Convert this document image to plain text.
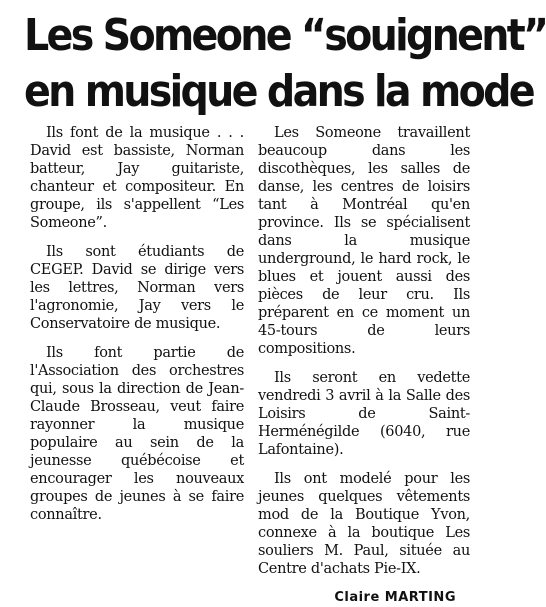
Les Someone “souignent”
en musique dans la mode

Ils font de la musique . . . David est bassiste, Norman batteur, Jay guitariste, chanteur et compositeur. En groupe, ils s'appellent “Les Someone”.

Ils sont étudiants de CEGEP. David se dirige vers les lettres, Norman vers l'agronomie, Jay vers le Conservatoire de musique.

Ils font partie de l'Association des orchestres qui, sous la direction de Jean-Claude Brosseau, veut faire rayonner la musique populaire au sein de la jeunesse québécoise et encourager les nouveaux groupes de jeunes à se faire connaître.

Les Someone travaillent beaucoup dans les discothèques, les salles de danse, les centres de loisirs tant à Montréal qu'en province. Ils se spécialisent dans la musique underground, le hard rock, le blues et jouent aussi des pièces de leur cru. Ils préparent en ce moment un 45-tours de leurs compositions.

Ils seront en vedette vendredi 3 avril à la Salle des Loisirs de Saint-Herménégilde (6040, rue Lafontaine).

Ils ont modelé pour les jeunes quelques vêtements mod de la Boutique Yvon, connexe à la boutique Les souliers M. Paul, située au Centre d'achats Pie-IX.

Claire MARTING
